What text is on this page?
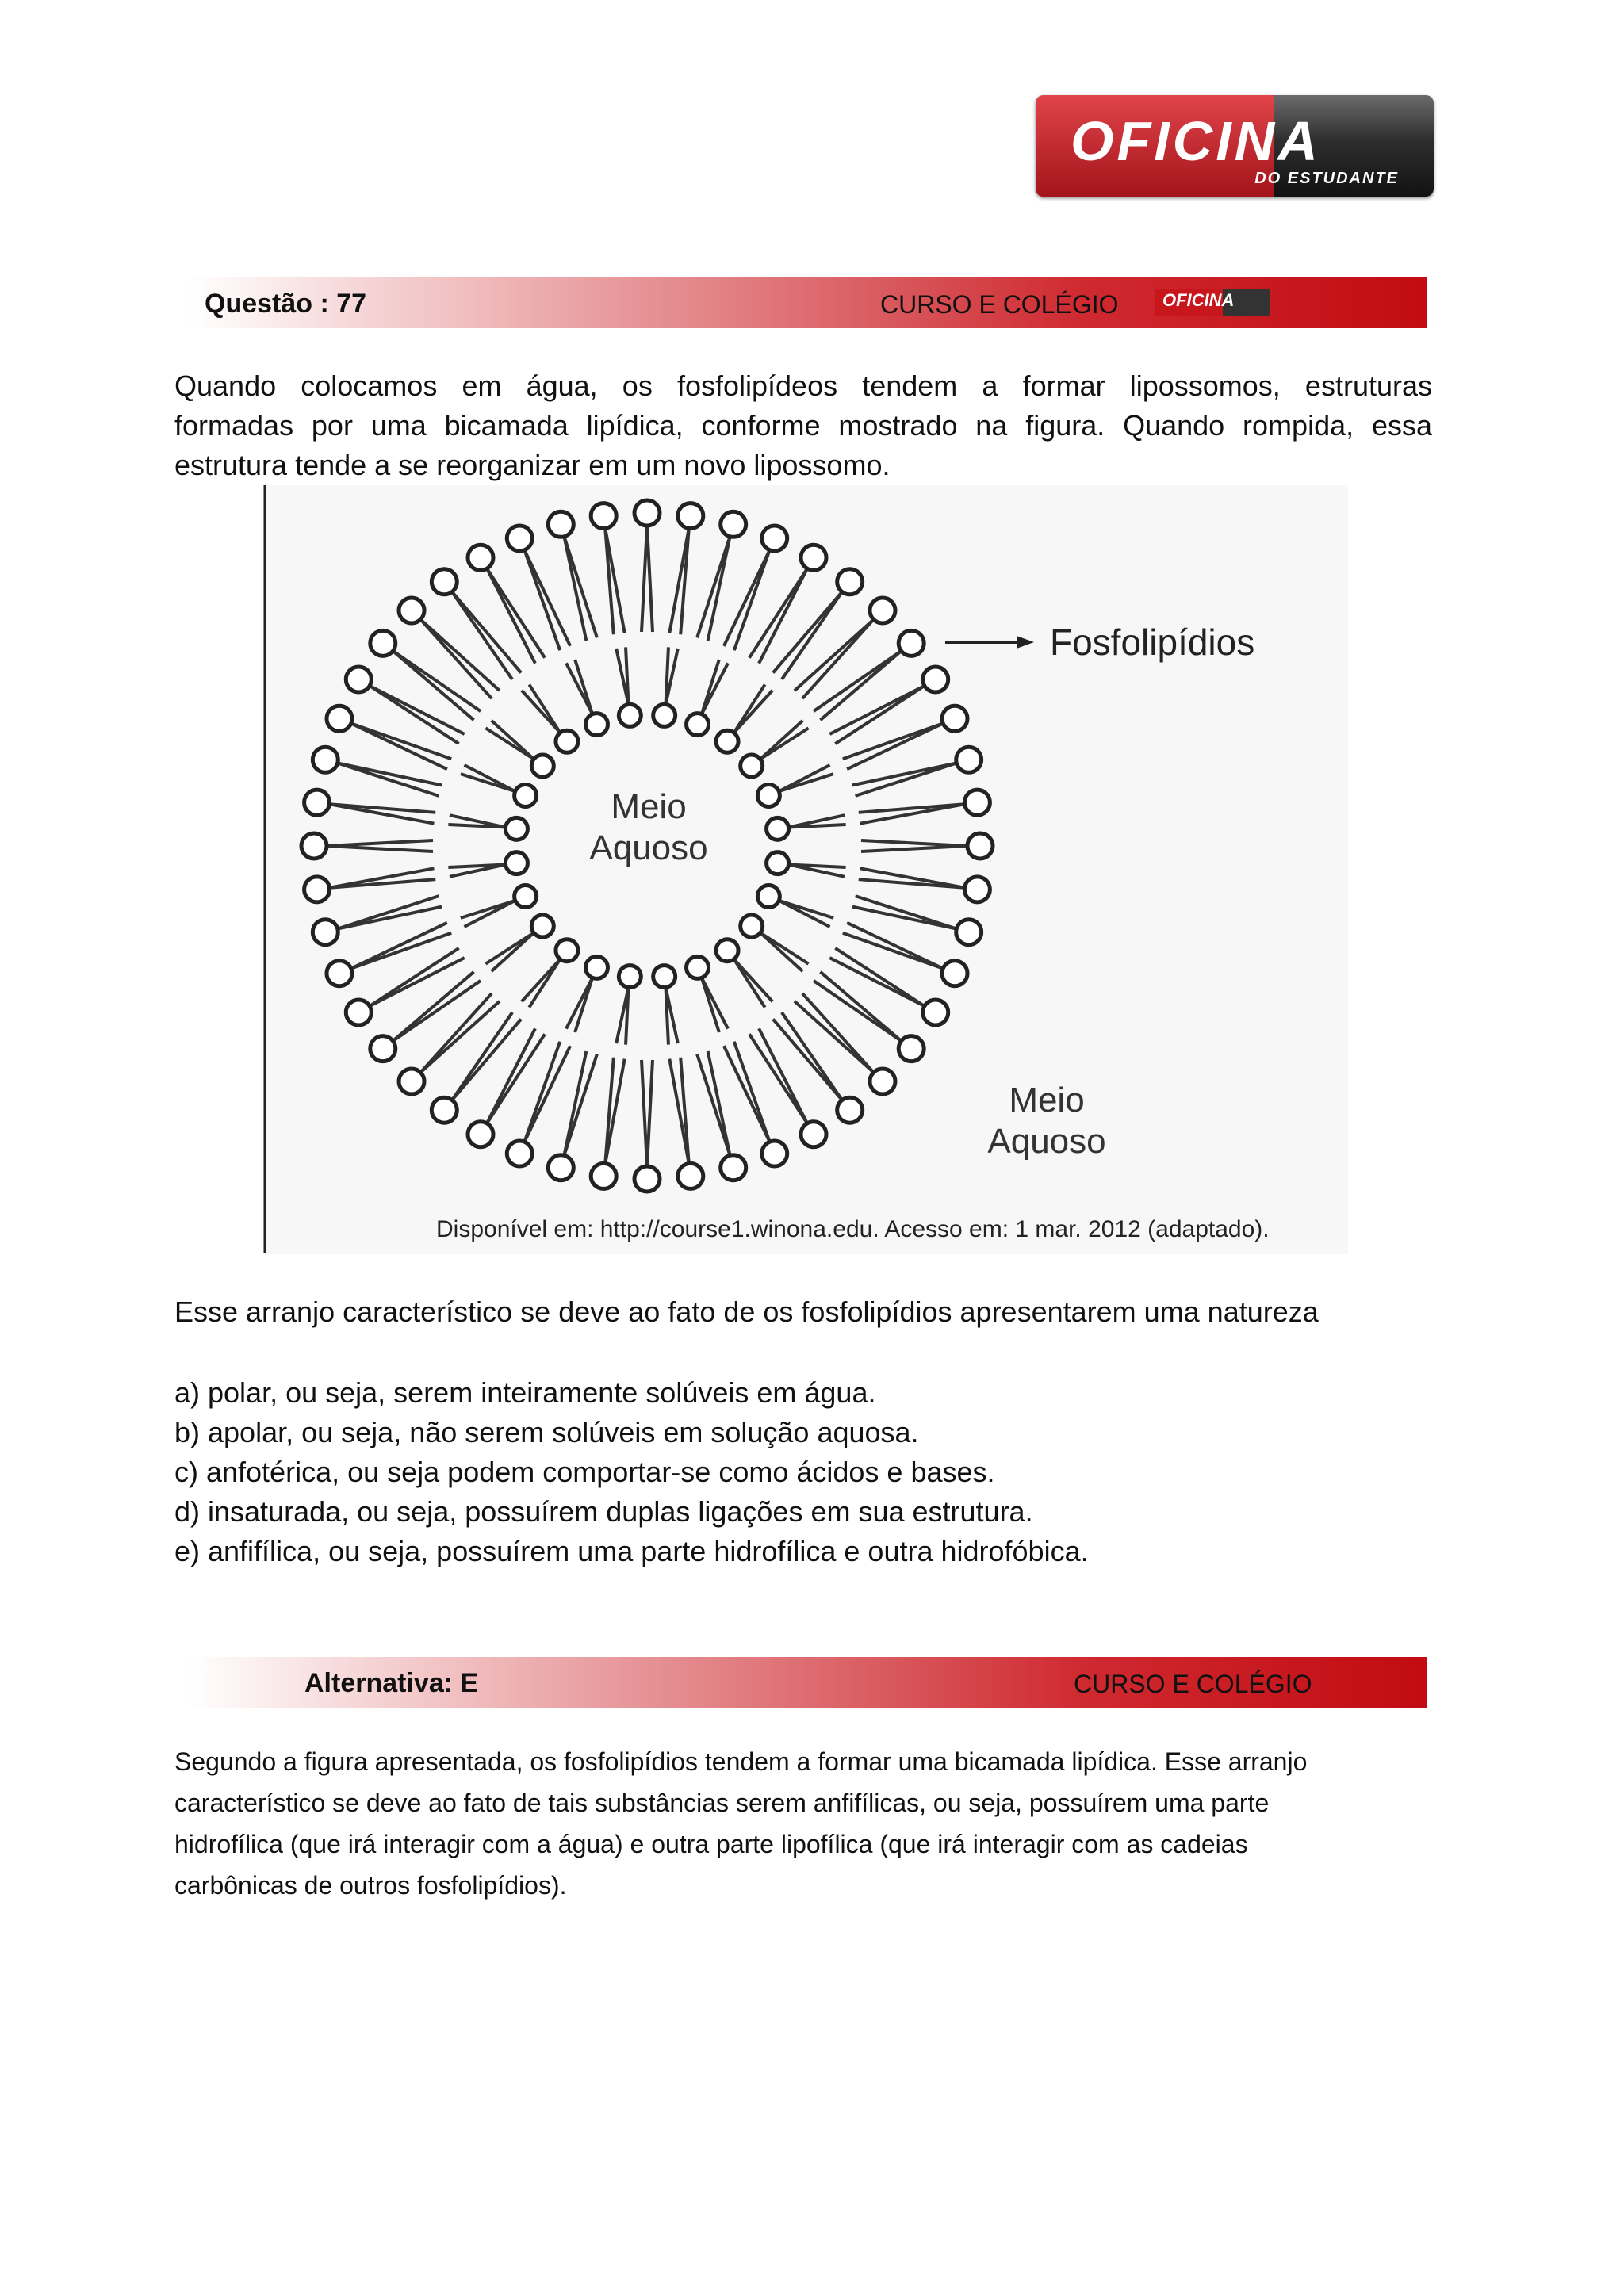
OFICINA
DO ESTUDANTE
Questão : 77	CURSO E COLÉGIO	OFICINA
Quando colocamos em água, os fosfolipídeos tendem a formar lipossomos, estruturas
formadas por uma bicamada lipídica, conforme mostrado na figura. Quando rompida, essa
estrutura tende a se reorganizar em um novo lipossomo.
Fosfolipídios
Meio
Aquoso
Meio
Aquoso
Disponível em: http://course1.winona.edu. Acesso em: 1 mar. 2012 (adaptado).
Esse arranjo característico se deve ao fato de os fosfolipídios apresentarem uma natureza
a) polar, ou seja, serem inteiramente solúveis em água.
b) apolar, ou seja, não serem solúveis em solução aquosa.
c) anfotérica, ou seja podem comportar-se como ácidos e bases.
d) insaturada, ou seja, possuírem duplas ligações em sua estrutura.
e) anfifílica, ou seja, possuírem uma parte hidrofílica e outra hidrofóbica.
Alternativa: E	CURSO E COLÉGIO
Segundo a figura apresentada, os fosfolipídios tendem a formar uma bicamada lipídica. Esse arranjo
característico se deve ao fato de tais substâncias serem anfifílicas, ou seja, possuírem uma parte
hidrofílica (que irá interagir com a água) e outra parte lipofílica (que irá interagir com as cadeias
carbônicas de outros fosfolipídios).
